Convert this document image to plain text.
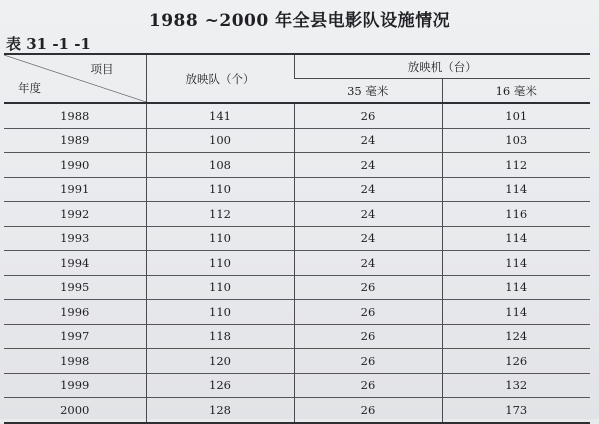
1988 ~2000 年全县电影队设施情况
表 31 -1 -1
项目
年度	放映队（个）	放映机（台）	
		35 毫米	16 毫米
1988	141	26	101
1989	100	24	103
1990	108	24	112
1991	110	24	114
1992	112	24	116
1993	110	24	114
1994	110	24	114
1995	110	26	114
1996	110	26	114
1997	118	26	124
1998	120	26	126
1999	126	26	132
2000	128	26	173
